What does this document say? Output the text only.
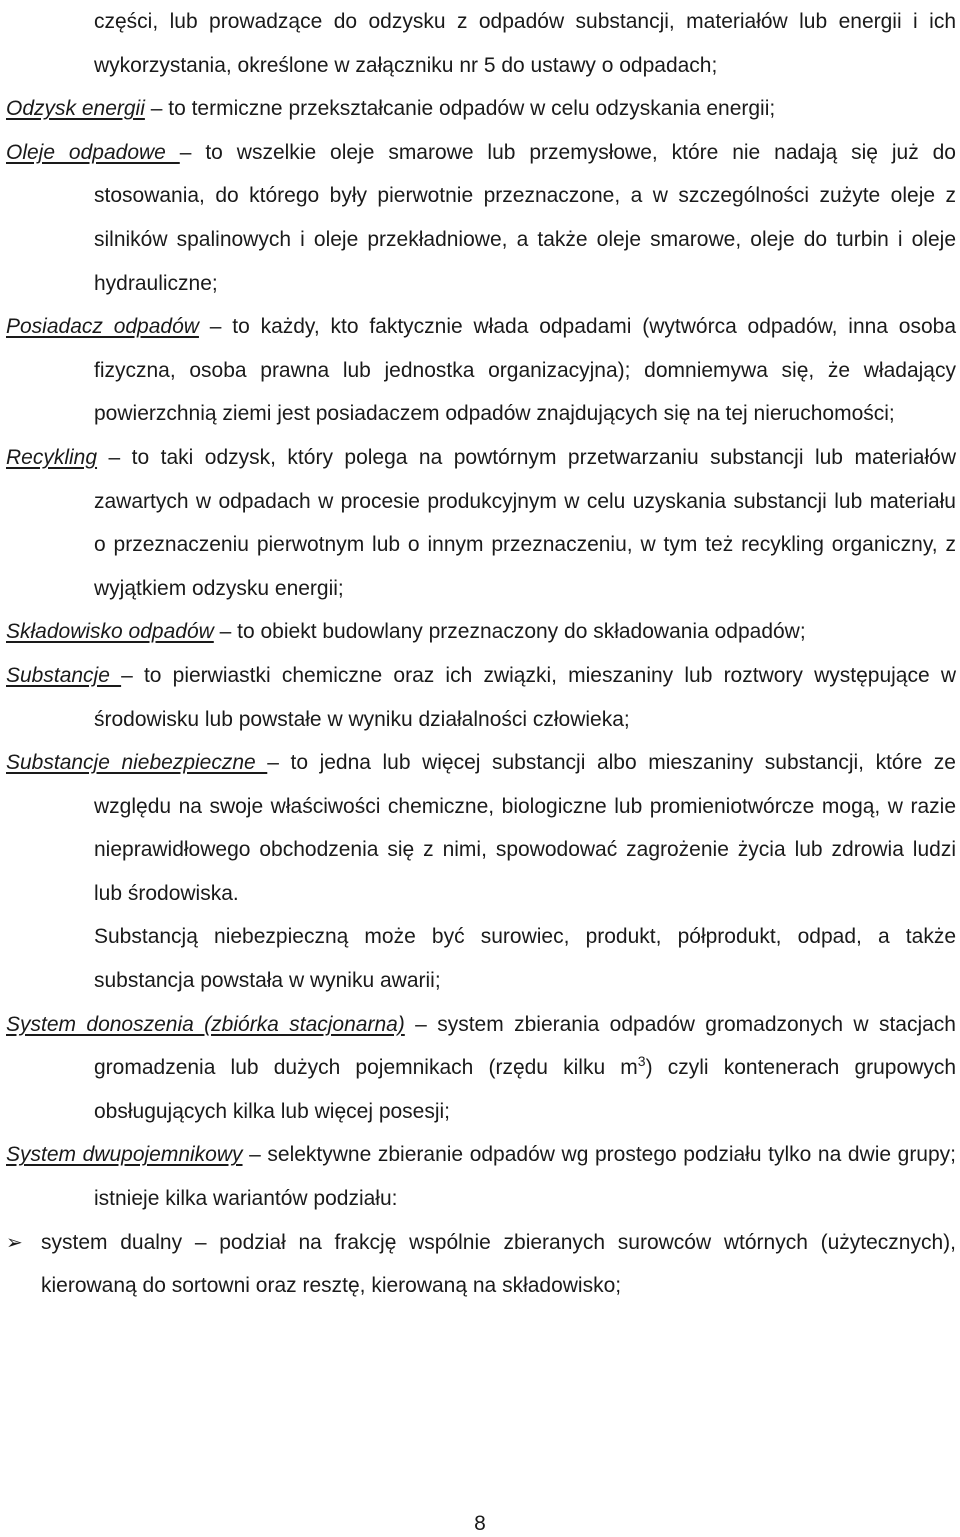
części, lub prowadzące do odzysku z odpadów substancji, materiałów lub energii i ich wykorzystania, określone w załączniku nr 5 do ustawy o odpadach;

Odzysk energii – to termiczne przekształcanie odpadów w celu odzyskania energii;

Oleje odpadowe – to wszelkie oleje smarowe lub przemysłowe, które nie nadają się już do stosowania, do którego były pierwotnie przeznaczone, a w szczególności zużyte oleje z silników spalinowych i oleje przekładniowe, a także oleje smarowe, oleje do turbin i oleje hydrauliczne;

Posiadacz odpadów – to każdy, kto faktycznie włada odpadami (wytwórca odpadów, inna osoba fizyczna, osoba prawna lub jednostka organizacyjna); domniemywa się, że władający powierzchnią ziemi jest posiadaczem odpadów znajdujących się na tej nieruchomości;

Recykling – to taki odzysk, który polega na powtórnym przetwarzaniu substancji lub materiałów zawartych w odpadach w procesie produkcyjnym w celu uzyskania substancji lub materiału o przeznaczeniu pierwotnym lub o innym przeznaczeniu, w tym też recykling organiczny, z wyjątkiem odzysku energii;

Składowisko odpadów – to obiekt budowlany przeznaczony do składowania odpadów;

Substancje – to pierwiastki chemiczne oraz ich związki, mieszaniny lub roztwory występujące w środowisku lub powstałe w wyniku działalności człowieka;

Substancje niebezpieczne – to jedna lub więcej substancji albo mieszaniny substancji, które ze względu na swoje właściwości chemiczne, biologiczne lub promieniotwórcze mogą, w razie nieprawidłowego obchodzenia się z nimi, spowodować zagrożenie życia lub zdrowia ludzi lub środowiska.

Substancją niebezpieczną może być surowiec, produkt, półprodukt, odpad, a także substancja powstała w wyniku awarii;

System donoszenia (zbiórka stacjonarna) – system zbierania odpadów gromadzonych w stacjach gromadzenia lub dużych pojemnikach (rzędu kilku $m^3$) czyli kontenerach grupowych obsługujących kilka lub więcej posesji;

System dwupojemnikowy – selektywne zbieranie odpadów wg prostego podziału tylko na dwie grupy; istnieje kilka wariantów podziału:

➢ system dualny – podział na frakcję wspólnie zbieranych surowców wtórnych (użytecznych), kierowaną do sortowni oraz resztę, kierowaną na składowisko;

8
